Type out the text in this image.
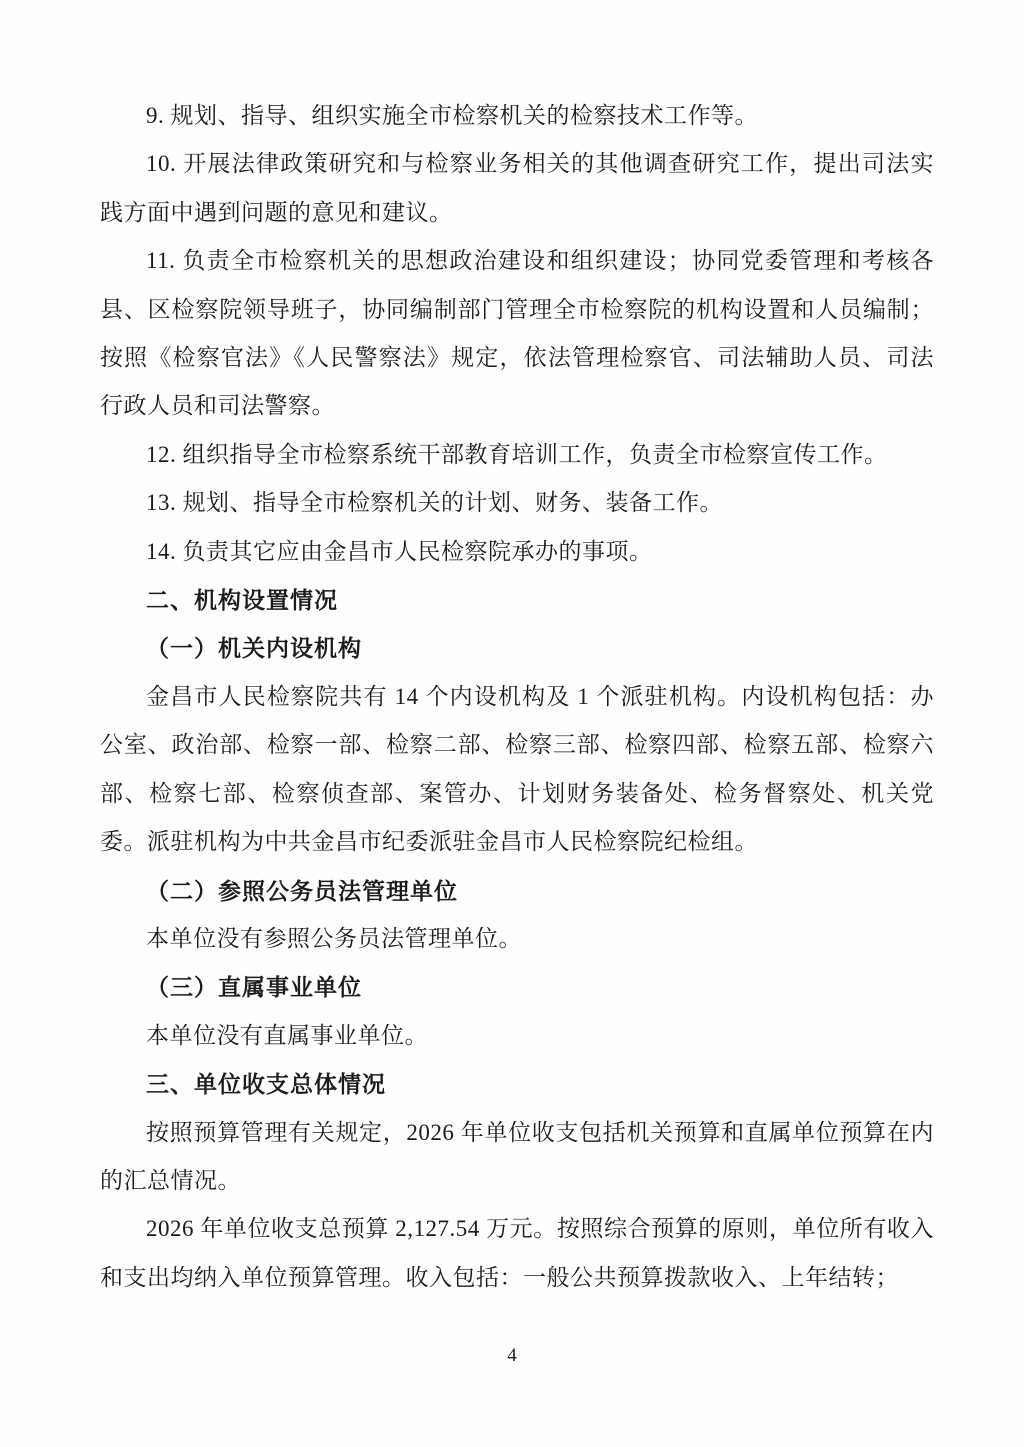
9. 规划、指导、组织实施全市检察机关的检察技术工作等。

10. 开展法律政策研究和与检察业务相关的其他调查研究工作，提出司法实践方面中遇到问题的意见和建议。

11. 负责全市检察机关的思想政治建设和组织建设；协同党委管理和考核各县、区检察院领导班子，协同编制部门管理全市检察院的机构设置和人员编制；按照《检察官法》《人民警察法》规定，依法管理检察官、司法辅助人员、司法行政人员和司法警察。

12. 组织指导全市检察系统干部教育培训工作，负责全市检察宣传工作。

13. 规划、指导全市检察机关的计划、财务、装备工作。

14. 负责其它应由金昌市人民检察院承办的事项。

二、机构设置情况

（一）机关内设机构

金昌市人民检察院共有 14 个内设机构及 1 个派驻机构。内设机构包括：办公室、政治部、检察一部、检察二部、检察三部、检察四部、检察五部、检察六部、检察七部、检察侦查部、案管办、计划财务装备处、检务督察处、机关党委。派驻机构为中共金昌市纪委派驻金昌市人民检察院纪检组。

（二）参照公务员法管理单位

本单位没有参照公务员法管理单位。

（三）直属事业单位

本单位没有直属事业单位。

三、单位收支总体情况

按照预算管理有关规定，2026 年单位收支包括机关预算和直属单位预算在内的汇总情况。

2026 年单位收支总预算 2,127.54 万元。按照综合预算的原则，单位所有收入和支出均纳入单位预算管理。收入包括：一般公共预算拨款收入、上年结转；

4
